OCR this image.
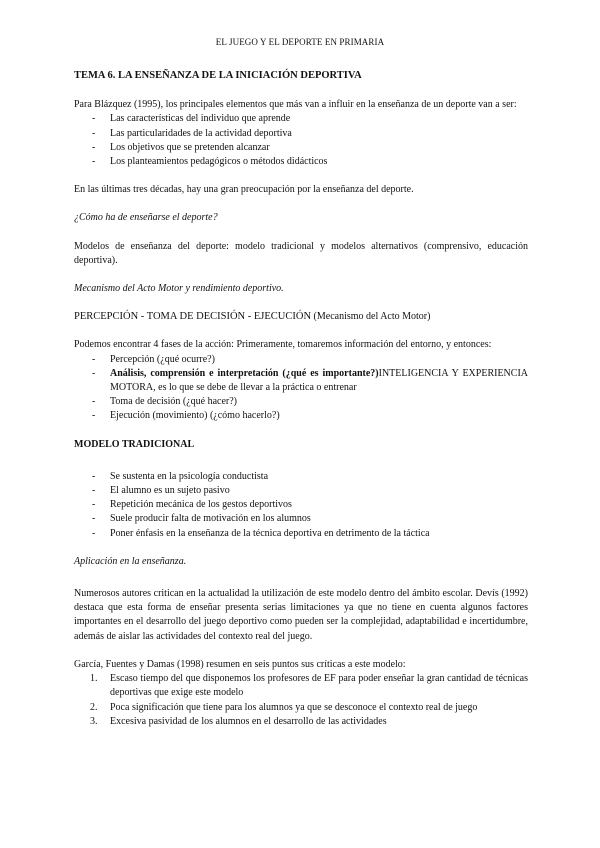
EL JUEGO Y EL DEPORTE EN PRIMARIA
TEMA 6. LA ENSEÑANZA DE LA INICIACIÓN DEPORTIVA
Para Blázquez (1995), los principales elementos que más van a influir en la enseñanza de un deporte van a ser:
- Las características del individuo que aprende
- Las particularidades de la actividad deportiva
- Los objetivos que se pretenden alcanzar
- Los planteamientos pedagógicos o métodos didácticos
En las últimas tres décadas, hay una gran preocupación por la enseñanza del deporte.
¿Cómo ha de enseñarse el deporte?
Modelos de enseñanza del deporte: modelo tradicional y modelos alternativos (comprensivo, educación deportiva).
Mecanismo del Acto Motor y rendimiento deportivo.
PERCEPCIÓN - TOMA DE DECISIÓN - EJECUCIÓN (Mecanismo del Acto Motor)
Podemos encontrar 4 fases de la acción: Primeramente, tomaremos información del entorno, y entonces:
- Percepción (¿qué ocurre?)
- Análisis, comprensión e interpretación (¿qué es importante?)INTELIGENCIA Y EXPERIENCIA MOTORA, es lo que se debe de llevar a la práctica o entrenar
- Toma de decisión (¿qué hacer?)
- Ejecución (movimiento) (¿cómo hacerlo?)
MODELO TRADICIONAL
- Se sustenta en la psicología conductista
- El alumno es un sujeto pasivo
- Repetición mecánica de los gestos deportivos
- Suele producir falta de motivación en los alumnos
- Poner énfasis en la enseñanza de la técnica deportiva en detrimento de la táctica
Aplicación en la enseñanza.
Numerosos autores critican en la actualidad la utilización de este modelo dentro del ámbito escolar. Devís (1992) destaca que esta forma de enseñar presenta serias limitaciones ya que no tiene en cuenta algunos factores importantes en el desarrollo del juego deportivo como pueden ser la complejidad, adaptabilidad e incertidumbre, además de aislar las actividades del contexto real del juego.
García, Fuentes y Damas (1998) resumen en seis puntos sus críticas a este modelo:
1. Escaso tiempo del que disponemos los profesores de EF para poder enseñar la gran cantidad de técnicas deportivas que exige este modelo
2. Poca significación que tiene para los alumnos ya que se desconoce el contexto real de juego
3. Excesiva pasividad de los alumnos en el desarrollo de las actividades
